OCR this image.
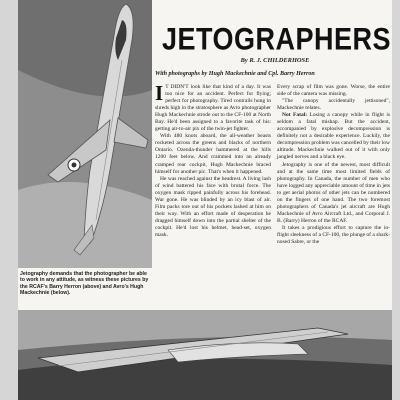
JETOGRAPHERS
By R. J. CHILDERHOSE
With photographs by Hugh Mackechnie and Cpl. Barry Herron

I T DIDN'T look like that kind of a day. It was too nice for an accident. Perfect for flying; perfect for photography. Tired contrails hung in shreds high in the stratosphere as Avro photographer Hugh Mackechnie strode out to the CF-100 at North Bay. He'd been assigned to a favorite task of his: getting air-to-air pix of the twin-jet fighter.

With 480 knots aboard, the all-weather beasts rocketed across the greens and blacks of northern Ontario. Ozenda-thunder hammered at the hills 1200 feet below. And crammed into an already cramped rear cockpit, Hugh Mackechnie braced himself for another pic. That's when it happened.

He was reached against the headrest. A living lash of wind battered his face with brutal force. The oxygen mask ripped painfully across his forehead. War gone. He was blinded by an icy blast of air. Film packs tore out of his pockets lashed at him on their way. With an effort made of desperation he dragged himself down into the partial shelter of the cockpit. He'd lost his helmet, head-set, oxygen mask.

Every scrap of film was gone. Worse, the entire side of the camera was missing.

"The canopy accidentally jettisoned", Mackechnie relates.

Not Fatal: Losing a canopy while in flight is seldom a fatal mishap. But the accident, accompanied by explosive decompression is definitely not a desirable experience. Luckily, the decompression problem was cancelled by their low altitude. Mackechnie walked out of it with only jangled nerves and a black eye.

Jetography is one of the newest, most difficult and at the same time most limited fields of photography. In Canada, the number of men who have logged any appreciable amount of time in jets to get aerial photos of other jets can be numbered on the fingers of one hand. The two foremost photographers of Canada's jet aircraft are Hugh Mackechnie of Avro Aircraft Ltd., and Corporal J. B. (Barry) Herron of the RCAF.

It takes a prodigious effort to capture the in-flight sleekness of a CF-100, the plunge of a shark-nosed Sabre, or the

Jetography demands that the photographer be able to work in any attitude, as witness these pictures by the RCAF's Barry Herron (above) and Avro's Hugh Mackechnie (below).
